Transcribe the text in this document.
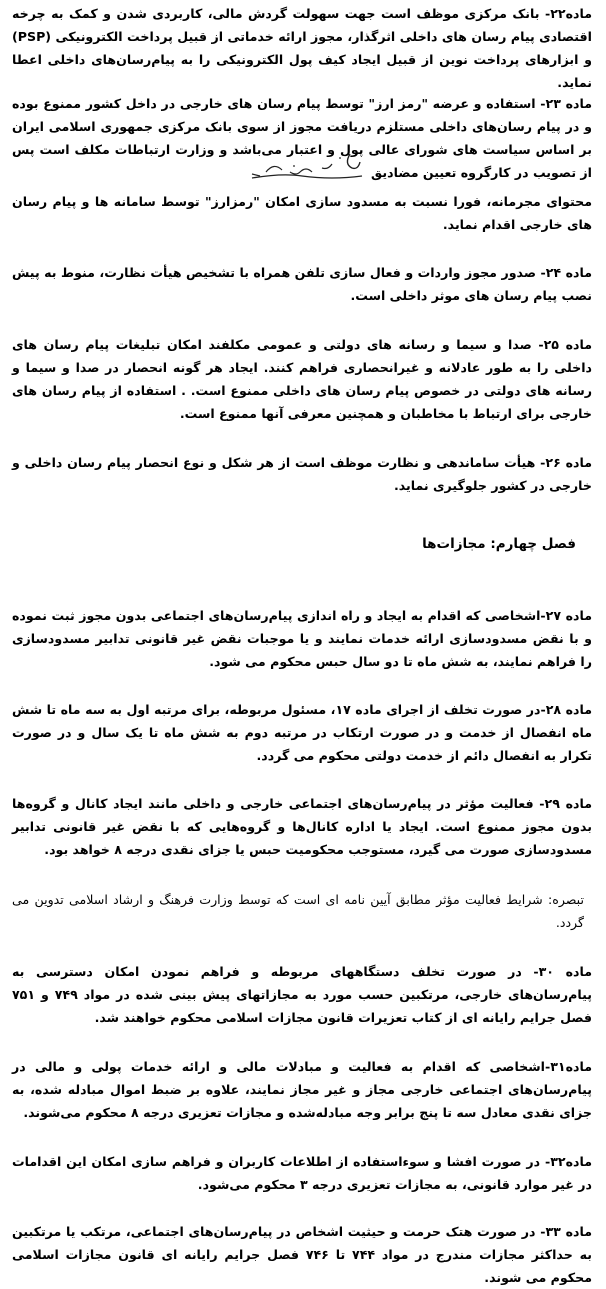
ماده۲۲- بانک مرکزی موظف است جهت سهولت گردش مالی، کاربردی شدن و کمک به چرخه اقتصادی پیام رسان های داخلی اثرگذار، مجوز ارائه خدماتی از قبیل پرداخت الکترونیکی (PSP) و ابزارهای پرداخت نوین از قبیل ایجاد کیف پول الکترونیکی را به پیام‌رسان‌های داخلی اعطا نماید.

ماده ۲۳- استفاده و عرضه "رمز ارز" توسط پیام رسان های خارجی در داخل کشور ممنوع بوده و در پیام رسان‌های داخلی مستلزم دریافت مجوز از سوی بانک مرکزی جمهوری اسلامی ایران بر اساس سیاست های شورای عالی پول و اعتبار می‌باشد و وزارت ارتباطات مکلف است پس از تصویب در کارگروه تعیین مضادیق

محتوای مجرمانه، فورا نسبت به مسدود سازی امکان "رمزارز" توسط سامانه ها و پیام رسان های خارجی اقدام نماید.

ماده ۲۴- صدور مجوز واردات و فعال سازی تلفن همراه با تشخیص هیأت نظارت، منوط به پیش نصب پیام رسان های موثر داخلی است.

ماده ۲۵- صدا و سیما و رسانه های دولتی و عمومی مکلفند امکان تبلیغات پیام رسان های داخلی را به طور عادلانه و غیرانحصاری فراهم کنند. ایجاد هر گونه انحصار در صدا و سیما و رسانه های دولتی در خصوص پیام رسان های داخلی ممنوع است. . استفاده از پیام رسان های خارجی برای ارتباط با مخاطبان و همچنین معرفی آنها ممنوع است.

ماده ۲۶- هیأت ساماندهی و نظارت موظف است از هر شکل و نوع انحصار پیام رسان داخلی و خارجی در کشور جلوگیری نماید.

فصل چهارم: مجازات‌ها

ماده ۲۷-اشخاصی که اقدام به ایجاد و راه اندازی پیام‌رسان‌های اجتماعی بدون مجوز ثبت نموده و با نقض مسدودسازی ارائه خدمات نمایند و یا موجبات نقض غیر قانونی تدابیر مسدودسازی را فراهم نمایند، به شش ماه تا دو سال حبس محکوم می شود.

ماده ۲۸-در صورت تخلف از اجرای ماده ۱۷، مسئول مربوطه، برای مرتبه اول به سه ماه تا شش ماه انفصال از خدمت و در صورت ارتکاب در مرتبه دوم به شش ماه تا یک سال و در صورت تکرار به انفصال دائم از خدمت دولتی محکوم می گردد.

ماده ۲۹- فعالیت مؤثر در پیام‌رسان‌های اجتماعی خارجی و داخلی مانند ایجاد کانال و گروه‌ها بدون مجوز ممنوع است. ایجاد یا اداره کانال‌ها و گروه‌هایی که با نقض غیر قانونی تدابیر مسدودسازی صورت می گیرد، مستوجب محکومیت حبس یا جزای نقدی درجه ۸ خواهد بود.

تبصره: شرایط فعالیت مؤثر مطابق آیین نامه ای است که توسط وزارت فرهنگ و ارشاد اسلامی تدوین می گردد.

ماده ۳۰- در صورت تخلف دستگاههای مربوطه و فراهم نمودن امکان دسترسی به پیام‌رسان‌های خارجی، مرتکبین حسب مورد به مجازاتهای پیش بینی شده در مواد ۷۴۹ و ۷۵۱ فصل جرایم رایانه ای از کتاب تعزیرات قانون مجازات اسلامی محکوم خواهند شد.

ماده۳۱-اشخاصی که اقدام به فعالیت و مبادلات مالی و ارائه خدمات پولی و مالی در پیام‌رسان‌های اجتماعی خارجی مجاز و غیر مجاز نمایند، علاوه بر ضبط اموال مبادله شده، به جزای نقدی معادل سه تا پنج برابر وجه مبادله‌شده و مجازات تعزیری درجه ۸ محکوم می‌شوند.

ماده۳۲- در صورت افشا و سوءاستفاده از اطلاعات کاربران و فراهم سازی امکان این اقدامات در غیر موارد قانونی، به مجازات تعزیری درجه ۳ محکوم می‌شود.

ماده ۳۳- در صورت هتک حرمت و حیثیت اشخاص در پیام‌رسان‌های اجتماعی، مرتکب یا مرتکبین به حداکثر مجازات مندرج در مواد ۷۴۴ تا ۷۴۶ فصل جرایم رایانه ای قانون مجازات اسلامی محکوم می شوند.
